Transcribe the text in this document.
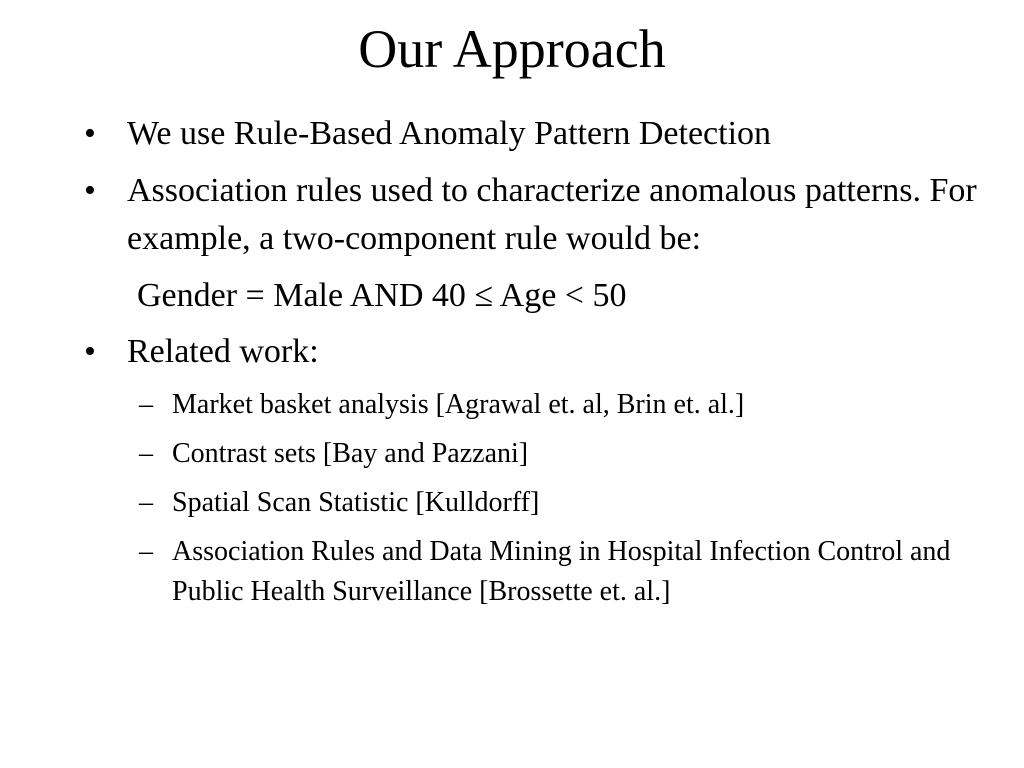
Our Approach
• We use Rule-Based Anomaly Pattern Detection
• Association rules used to characterize anomalous patterns. For example, a two-component rule would be:
Gender = Male AND 40 ≤ Age < 50
• Related work:
– Market basket analysis [Agrawal et. al, Brin et. al.]
– Contrast sets [Bay and Pazzani]
– Spatial Scan Statistic [Kulldorff]
– Association Rules and Data Mining in Hospital Infection Control and Public Health Surveillance [Brossette et. al.]
